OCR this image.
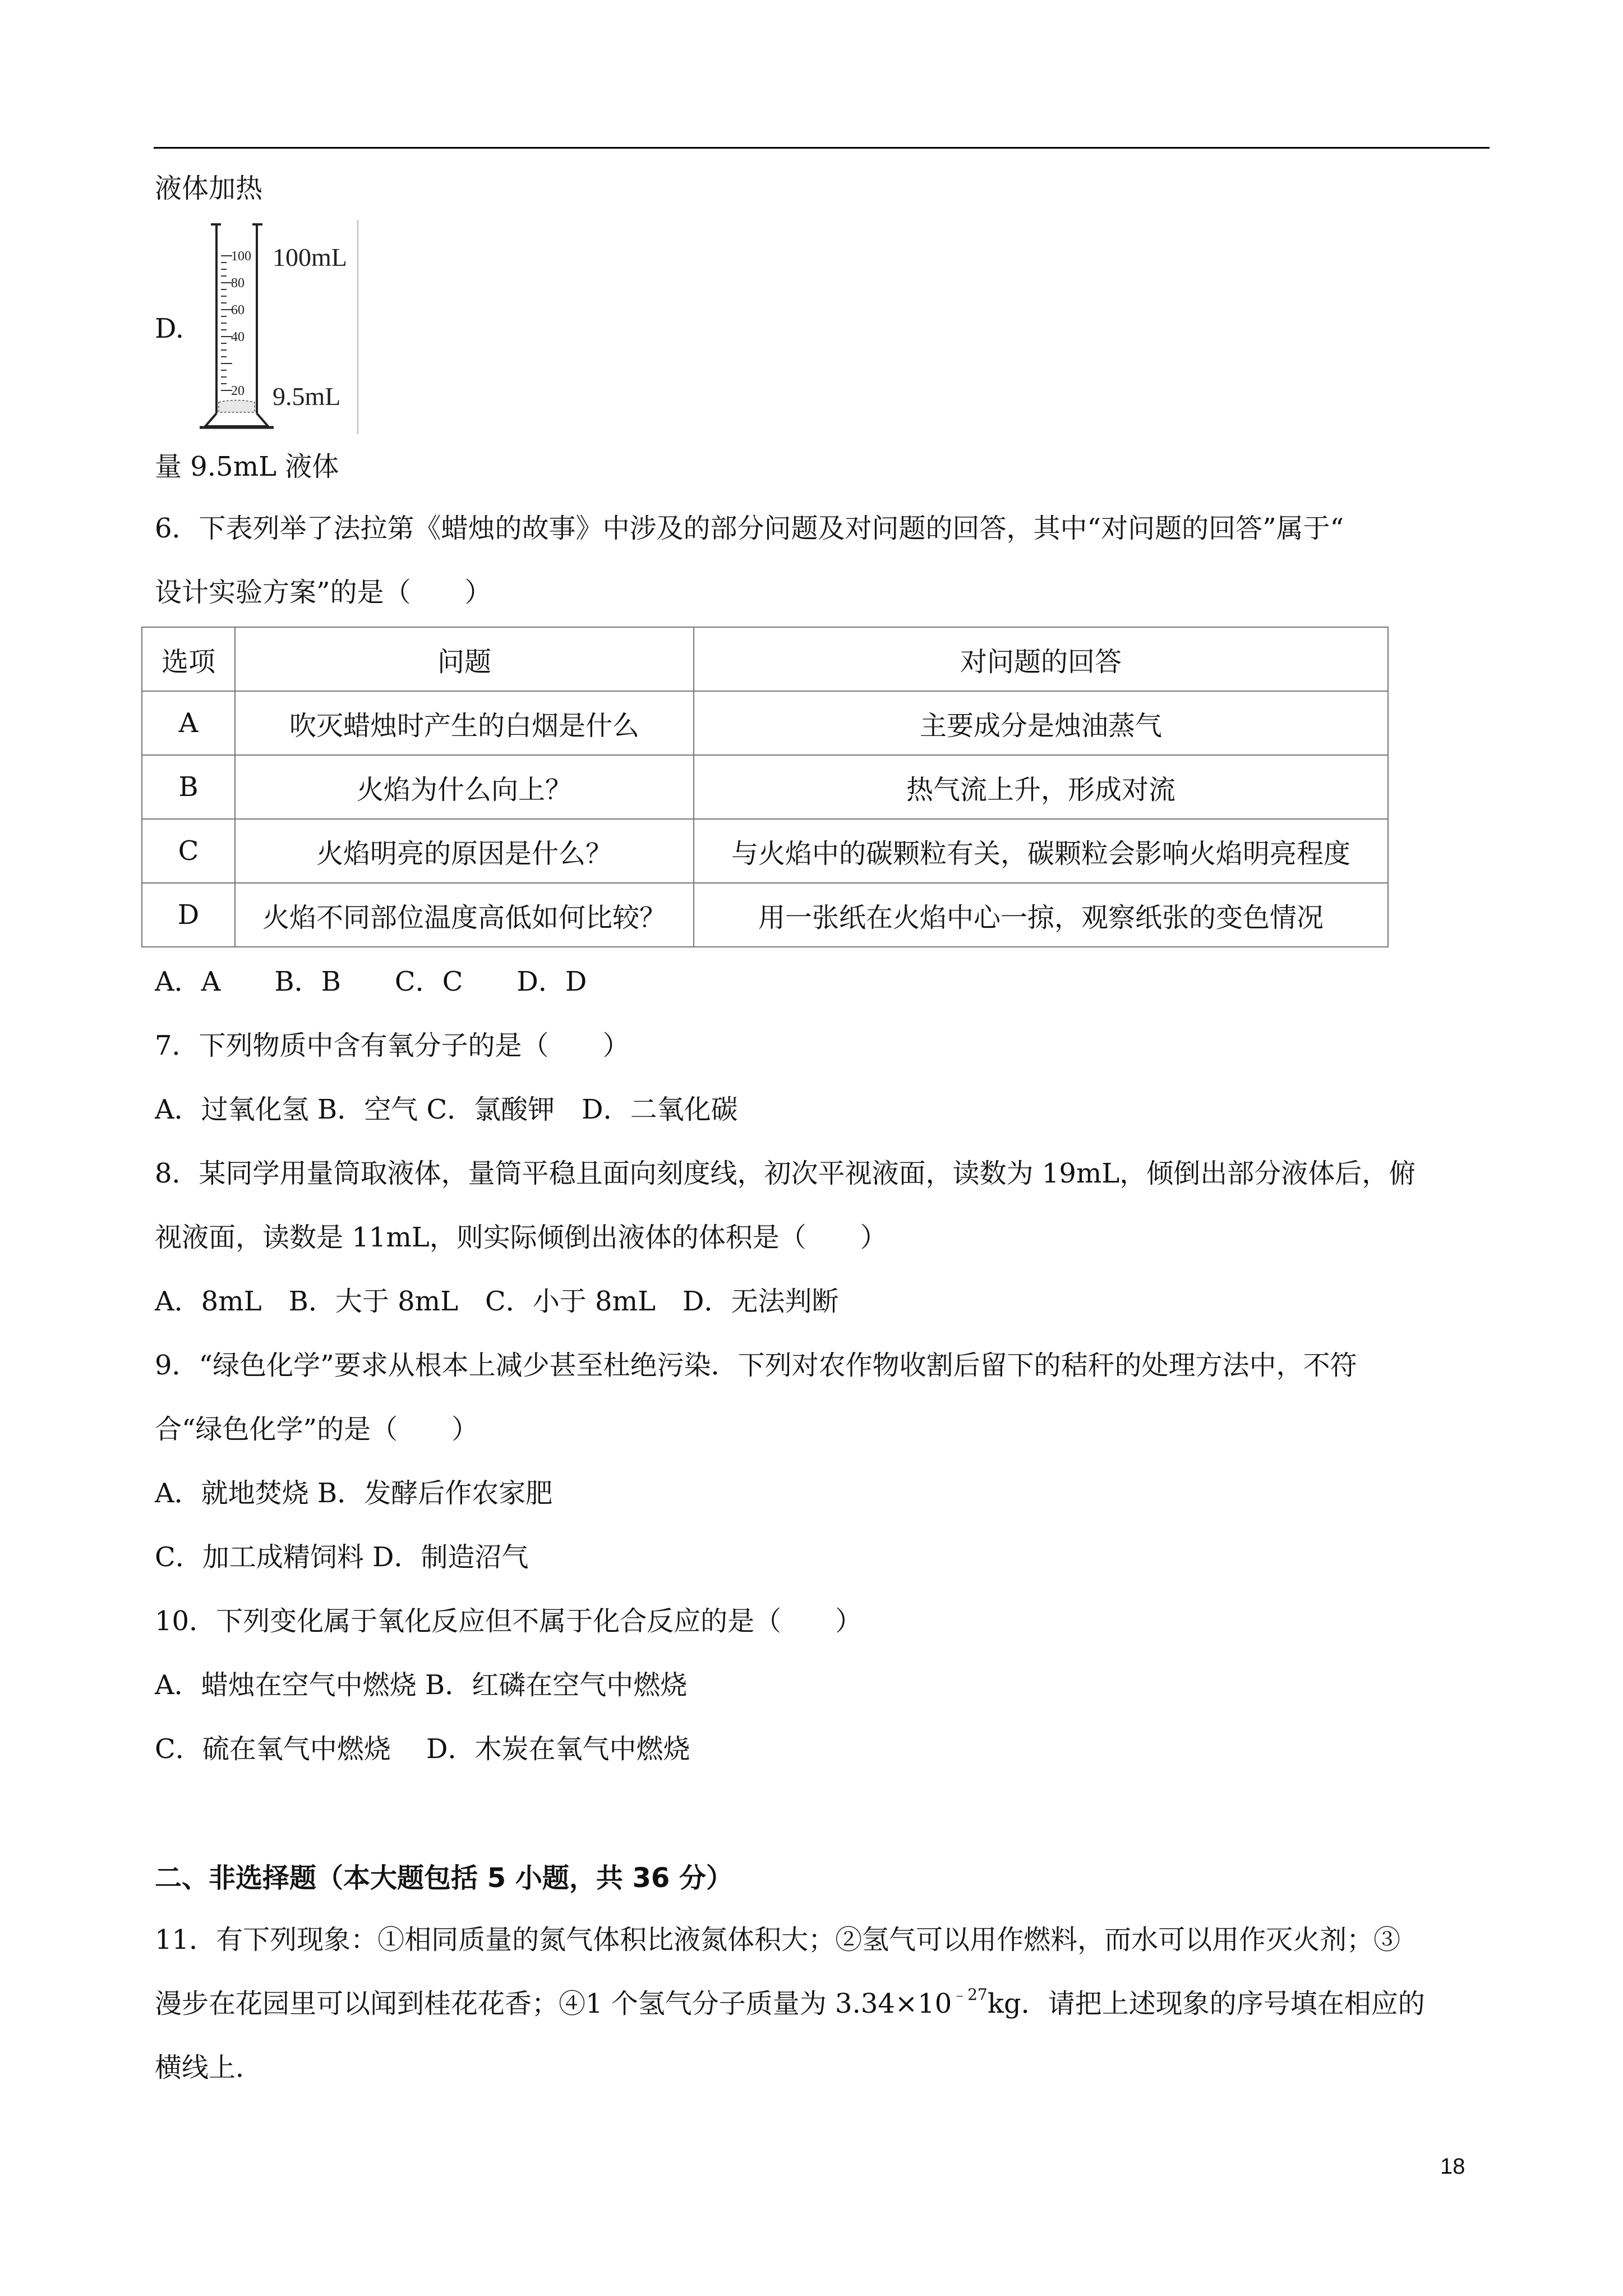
液体加热
D.
100
80
60
40
20
100mL
9.5mL
量 9.5mL 液体
6．下表列举了法拉第《蜡烛的故事》中涉及的部分问题及对问题的回答，其中“对问题的回答”属于“
设计实验方案”的是（　　）
选项	问题	对问题的回答
A	吹灭蜡烛时产生的白烟是什么	主要成分是烛油蒸气
B	火焰为什么向上？	热气流上升，形成对流
C	火焰明亮的原因是什么？	与火焰中的碳颗粒有关，碳颗粒会影响火焰明亮程度
D	火焰不同部位温度高低如何比较？	用一张纸在火焰中心一掠，观察纸张的变色情况
A．A　　B．B　　C．C　　D．D
7．下列物质中含有氧分子的是（　　）
A．过氧化氢 B．空气 C．氯酸钾　D．二氧化碳
8．某同学用量筒取液体，量筒平稳且面向刻度线，初次平视液面，读数为 19mL，倾倒出部分液体后，俯
视液面，读数是 11mL，则实际倾倒出液体的体积是（　　）
A．8mL　B．大于 8mL　C．小于 8mL　D．无法判断
9．“绿色化学”要求从根本上减少甚至杜绝污染．下列对农作物收割后留下的秸秆的处理方法中，不符
合“绿色化学”的是（　　）
A．就地焚烧 B．发酵后作农家肥
C．加工成精饲料 D．制造沼气
10．下列变化属于氧化反应但不属于化合反应的是（　　）
A．蜡烛在空气中燃烧 B．红磷在空气中燃烧
C．硫在氧气中燃烧　 D．木炭在氧气中燃烧
二、非选择题（本大题包括 5 小题，共 36 分）
11．有下列现象：①相同质量的氮气体积比液氮体积大；②氢气可以用作燃料，而水可以用作灭火剂；③
漫步在花园里可以闻到桂花花香；④1 个氢气分子质量为 $3.34\times 10^{﹣27}kg$．请把上述现象的序号填在相应的
横线上．
18
